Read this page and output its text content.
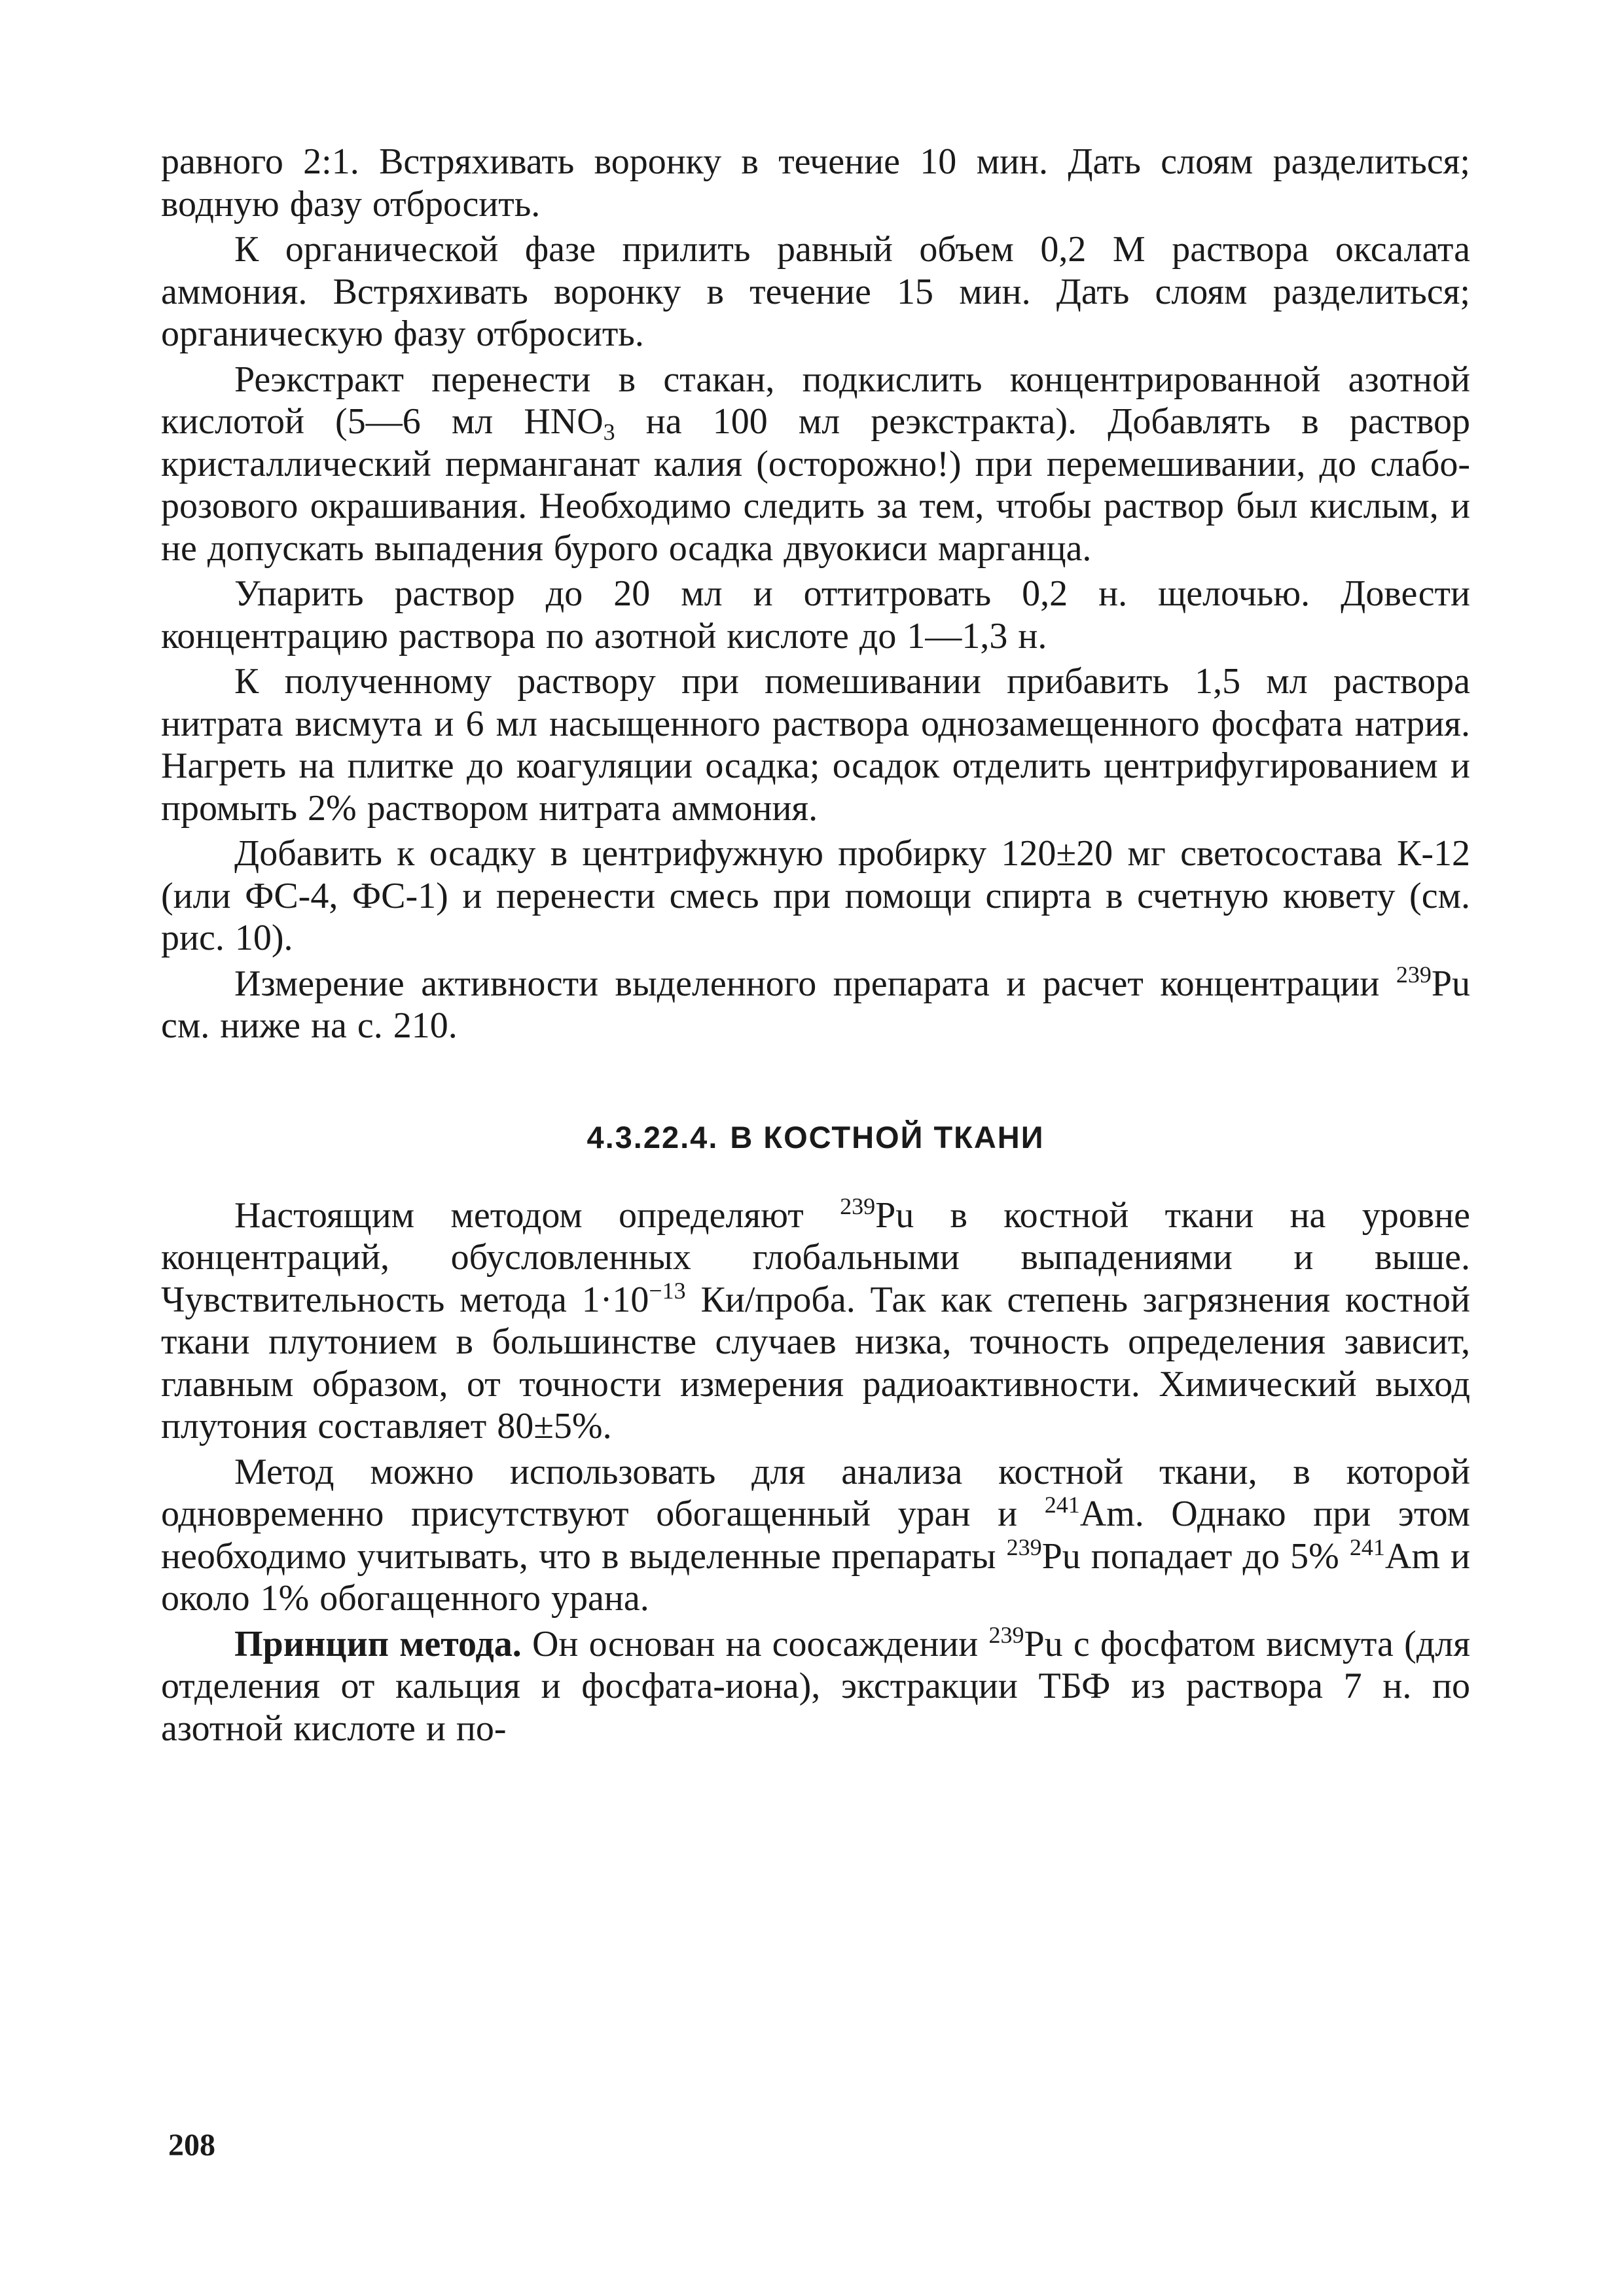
равного 2:1. Встряхивать воронку в течение 10 мин. Дать слоям разделиться; водную фазу отбросить.

К органической фазе прилить равный объем 0,2 М раствора оксалата аммония. Встряхивать воронку в течение 15 мин. Дать слоям разделиться; органическую фазу отбросить.

Реэкстракт перенести в стакан, подкислить концентрированной азотной кислотой (5—6 мл $HNO_3$ на 100 мл реэкстракта). Добавлять в раствор кристаллический перманганат калия (осторожно!) при перемешивании, до слабо-розового окрашивания. Необходимо следить за тем, чтобы раствор был кислым, и не допускать выпадения бурого осадка двуокиси марганца.

Упарить раствор до 20 мл и оттитровать 0,2 н. щелочью. Довести концентрацию раствора по азотной кислоте до 1—1,3 н.

К полученному раствору при помешивании прибавить 1,5 мл раствора нитрата висмута и 6 мл насыщенного раствора однозамещенного фосфата натрия. Нагреть на плитке до коагуляции осадка; осадок отделить центрифугированием и промыть 2% раствором нитрата аммония.

Добавить к осадку в центрифужную пробирку 120±20 мг светосостава К-12 (или ФС-4, ФС-1) и перенести смесь при помощи спирта в счетную кювету (см. рис. 10).

Измерение активности выделенного препарата и расчет концентрации $^{239}$Pu см. ниже на с. 210.

4.3.22.4. В КОСТНОЙ ТКАНИ

Настоящим методом определяют $^{239}$Pu в костной ткани на уровне концентраций, обусловленных глобальными выпадениями и выше. Чувствительность метода $1\cdot 10^{-13}$ Ки/проба. Так как степень загрязнения костной ткани плутонием в большинстве случаев низка, точность определения зависит, главным образом, от точности измерения радиоактивности. Химический выход плутония составляет 80±5%.

Метод можно использовать для анализа костной ткани, в которой одновременно присутствуют обогащенный уран и $^{241}$Am. Однако при этом необходимо учитывать, что в выделенные препараты $^{239}$Pu попадает до 5% $^{241}$Am и около 1% обогащенного урана.

Принцип метода. Он основан на соосаждении $^{239}$Pu с фосфатом висмута (для отделения от кальция и фосфата-иона), экстракции ТБФ из раствора 7 н. по азотной кислоте и по-

208
